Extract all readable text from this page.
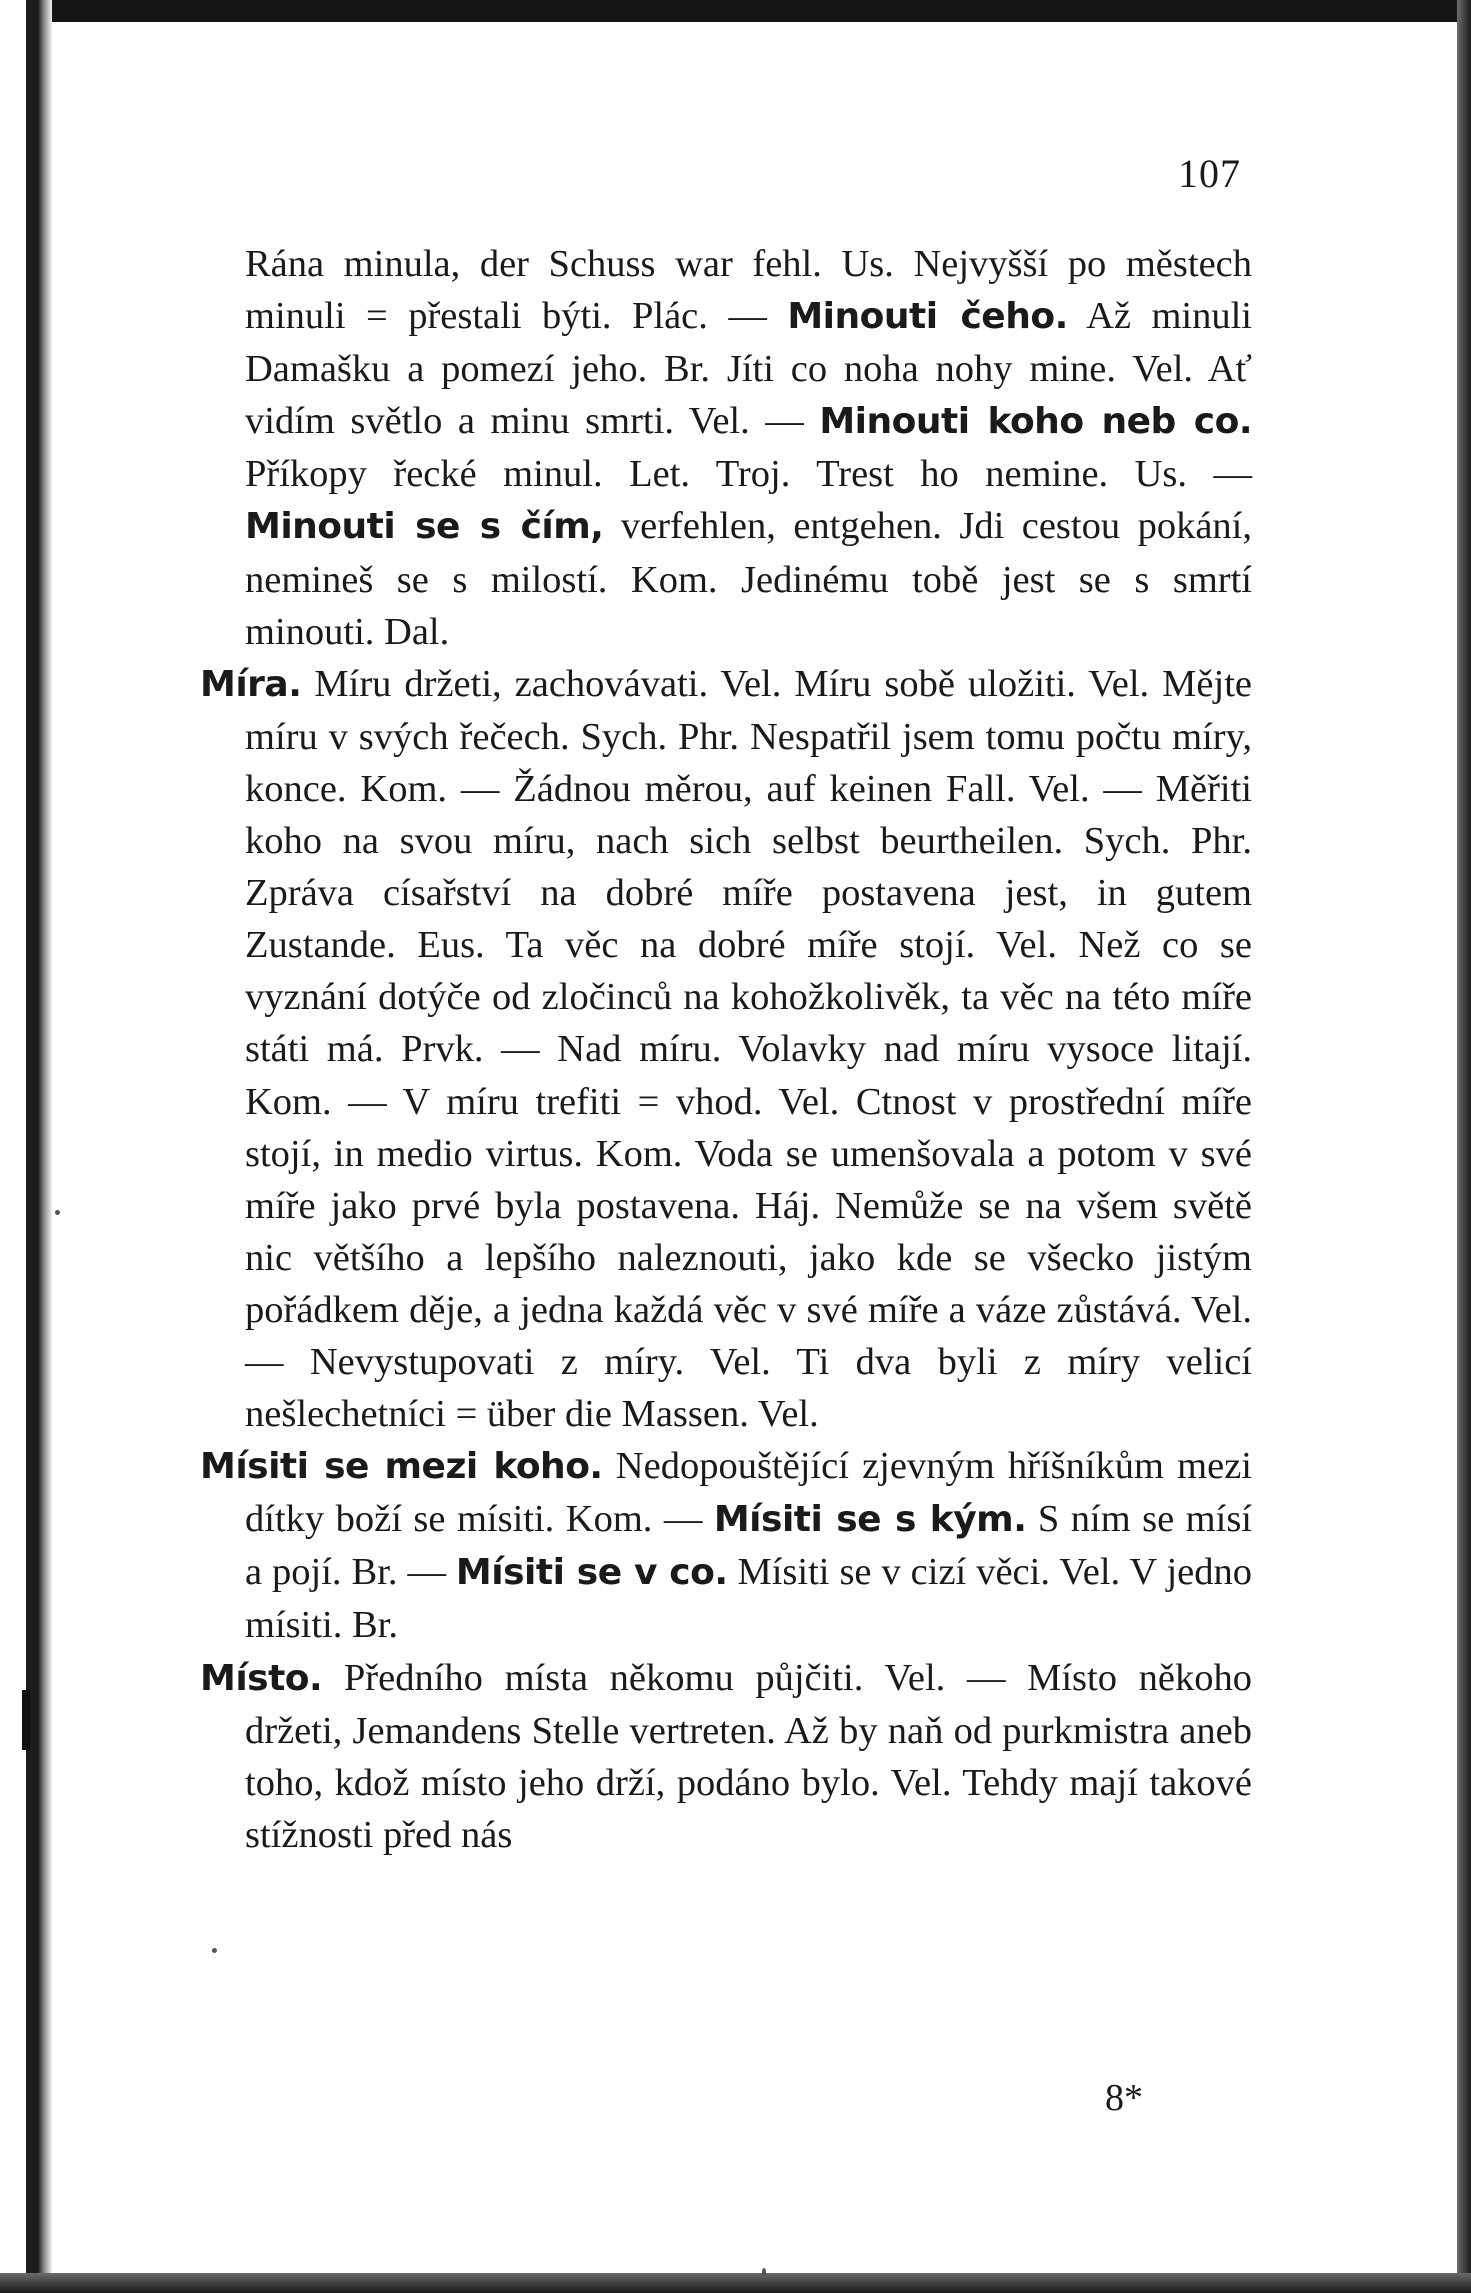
107

Rána minula, der Schuss war fehl. Us. Nejvyšší po městech minuli = přestali býti. Plác. — Minouti čeho. Až minuli Damašku a pomezí jeho. Br. Jíti co noha nohy mine. Vel. Ať vidím světlo a minu smrti. Vel. — Minouti koho neb co. Příkopy řecké minul. Let. Troj. Trest ho nemine. Us. — Minouti se s čím, verfehlen, entgehen. Jdi cestou pokání, nemineš se s milostí. Kom. Jedinému tobě jest se s smrtí minouti. Dal.

Míra. Míru držeti, zachovávati. Vel. Míru sobě uložiti. Vel. Mějte míru v svých řečech. Sych. Phr. Nespatřil jsem tomu počtu míry, konce. Kom. — Žádnou měrou, auf keinen Fall. Vel. — Měřiti koho na svou míru, nach sich selbst beurtheilen. Sych. Phr. Zpráva císařství na dobré míře postavena jest, in gutem Zustande. Eus. Ta věc na dobré míře stojí. Vel. Než co se vyznání dotýče od zločinců na kohožkolivěk, ta věc na této míře státi má. Prvk. — Nad míru. Volavky nad míru vysoce litají. Kom. — V míru trefiti = vhod. Vel. Ctnost v prostřední míře stojí, in medio virtus. Kom. Voda se umenšovala a potom v své míře jako prvé byla postavena. Háj. Nemůže se na všem světě nic většího a lepšího naleznouti, jako kde se všecko jistým pořádkem děje, a jedna každá věc v své míře a váze zůstává. Vel. — Nevystupovati z míry. Vel. Ti dva byli z míry velicí nešlechetníci = über die Massen. Vel.

Mísiti se mezi koho. Nedopouštějící zjevným hříšníkům mezi dítky boží se mísiti. Kom. — Mísiti se s kým. S ním se mísí a pojí. Br. — Mísiti se v co. Mísiti se v cizí věci. Vel. V jedno mísiti. Br.

Místo. Předního místa někomu půjčiti. Vel. — Místo někoho držeti, Jemandens Stelle vertreten. Až by naň od purkmistra aneb toho, kdož místo jeho drží, podáno bylo. Vel. Tehdy mají takové stížnosti před nás

8*
